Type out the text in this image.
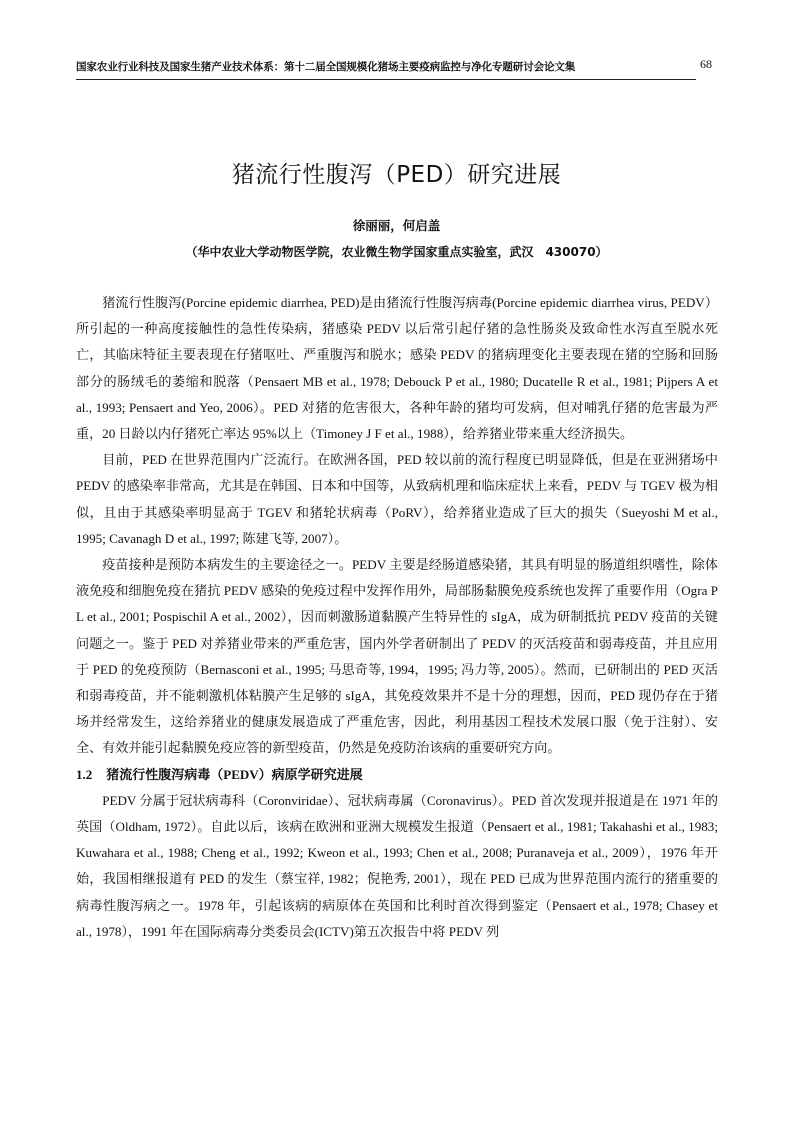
国家农业行业科技及国家生猪产业技术体系：第十二届全国规模化猪场主要疫病监控与净化专题研讨会论文集	68
猪流行性腹泻（PED）研究进展
徐丽丽，何启盖
（华中农业大学动物医学院，农业微生物学国家重点实验室，武汉　430070）

猪流行性腹泻(Porcine epidemic diarrhea, PED)是由猪流行性腹泻病毒(Porcine epidemic diarrhea virus, PEDV）所引起的一种高度接触性的急性传染病，猪感染 PEDV 以后常引起仔猪的急性肠炎及致命性水泻直至脱水死亡，其临床特征主要表现在仔猪呕吐、严重腹泻和脱水；感染 PEDV 的猪病理变化主要表现在猪的空肠和回肠部分的肠绒毛的萎缩和脱落（Pensaert MB et al., 1978; Debouck P et al., 1980; Ducatelle R et al., 1981; Pijpers A et al., 1993; Pensaert and Yeo, 2006）。PED 对猪的危害很大，各种年龄的猪均可发病，但对哺乳仔猪的危害最为严重，20 日龄以内仔猪死亡率达 95%以上（Timoney J F et al., 1988），给养猪业带来重大经济损失。

目前，PED 在世界范围内广泛流行。在欧洲各国，PED 较以前的流行程度已明显降低，但是在亚洲猪场中 PEDV 的感染率非常高，尤其是在韩国、日本和中国等，从致病机理和临床症状上来看，PEDV 与 TGEV 极为相似，且由于其感染率明显高于 TGEV 和猪轮状病毒（PoRV），给养猪业造成了巨大的损失（Sueyoshi M et al., 1995; Cavanagh D et al., 1997; 陈建飞等, 2007）。

疫苗接种是预防本病发生的主要途径之一。PEDV 主要是经肠道感染猪，其具有明显的肠道组织嗜性，除体液免疫和细胞免疫在猪抗 PEDV 感染的免疫过程中发挥作用外，局部肠黏膜免疫系统也发挥了重要作用（Ogra P L et al., 2001; Pospischil A et al., 2002），因而刺激肠道黏膜产生特异性的 sIgA，成为研制抵抗 PEDV 疫苗的关键问题之一。鉴于 PED 对养猪业带来的严重危害，国内外学者研制出了 PEDV 的灭活疫苗和弱毒疫苗，并且应用于 PED 的免疫预防（Bernasconi et al., 1995; 马思奇等, 1994，1995; 冯力等, 2005）。然而，已研制出的 PED 灭活和弱毒疫苗，并不能刺激机体粘膜产生足够的 sIgA，其免疫效果并不是十分的理想，因而，PED 现仍存在于猪场并经常发生，这给养猪业的健康发展造成了严重危害，因此，利用基因工程技术发展口服（免于注射）、安全、有效并能引起黏膜免疫应答的新型疫苗，仍然是免疫防治该病的重要研究方向。

1.2 猪流行性腹泻病毒（PEDV）病原学研究进展

PEDV 分属于冠状病毒科（Coronviridae）、冠状病毒属（Coronavirus）。PED 首次发现并报道是在 1971 年的英国（Oldham, 1972）。自此以后，该病在欧洲和亚洲大规模发生报道（Pensaert et al., 1981; Takahashi et al., 1983; Kuwahara et al., 1988; Cheng et al., 1992; Kweon et al., 1993; Chen et al., 2008; Puranaveja et al., 2009），1976 年开始，我国相继报道有 PED 的发生（蔡宝祥, 1982；倪艳秀, 2001），现在 PED 已成为世界范围内流行的猪重要的病毒性腹泻病之一。1978 年，引起该病的病原体在英国和比利时首次得到鉴定（Pensaert et al., 1978; Chasey et al., 1978），1991 年在国际病毒分类委员会(ICTV)第五次报告中将 PEDV 列
